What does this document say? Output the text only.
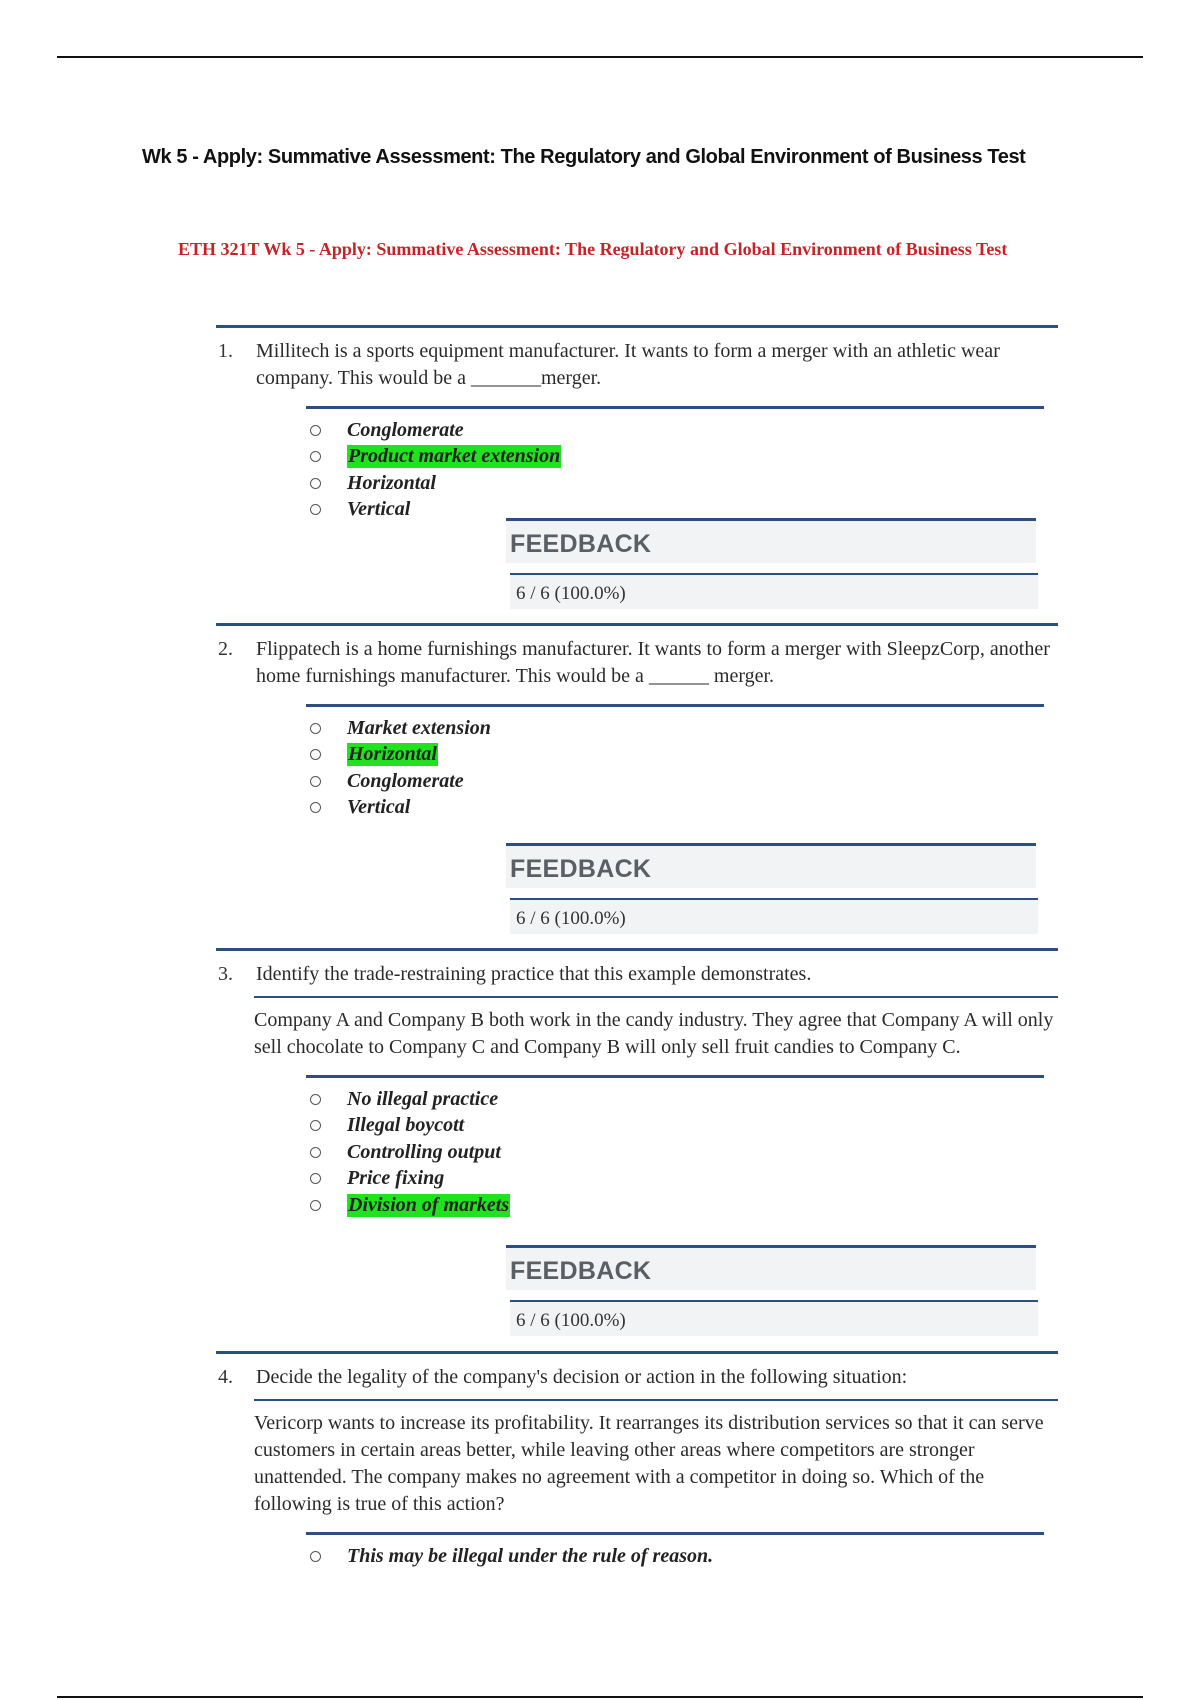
Wk 5 - Apply: Summative Assessment: The Regulatory and Global Environment of Business Test
ETH 321T Wk 5 - Apply: Summative Assessment: The Regulatory and Global Environment of Business Test
1.	Millitech is a sports equipment manufacturer. It wants to form a merger with an athletic wear company. This would be a _______merger.
Conglomerate
Product market extension
Horizontal
Vertical
FEEDBACK
6 / 6 (100.0%)
2.	Flippatech is a home furnishings manufacturer. It wants to form a merger with SleepzCorp, another home furnishings manufacturer. This would be a ______ merger.
Market extension
Horizontal
Conglomerate
Vertical
FEEDBACK
6 / 6 (100.0%)
3.	Identify the trade-restraining practice that this example demonstrates.
Company A and Company B both work in the candy industry. They agree that Company A will only sell chocolate to Company C and Company B will only sell fruit candies to Company C.
No illegal practice
Illegal boycott
Controlling output
Price fixing
Division of markets
FEEDBACK
6 / 6 (100.0%)
4.	Decide the legality of the company's decision or action in the following situation:
Vericorp wants to increase its profitability. It rearranges its distribution services so that it can serve customers in certain areas better, while leaving other areas where competitors are stronger unattended. The company makes no agreement with a competitor in doing so. Which of the following is true of this action?
This may be illegal under the rule of reason.
